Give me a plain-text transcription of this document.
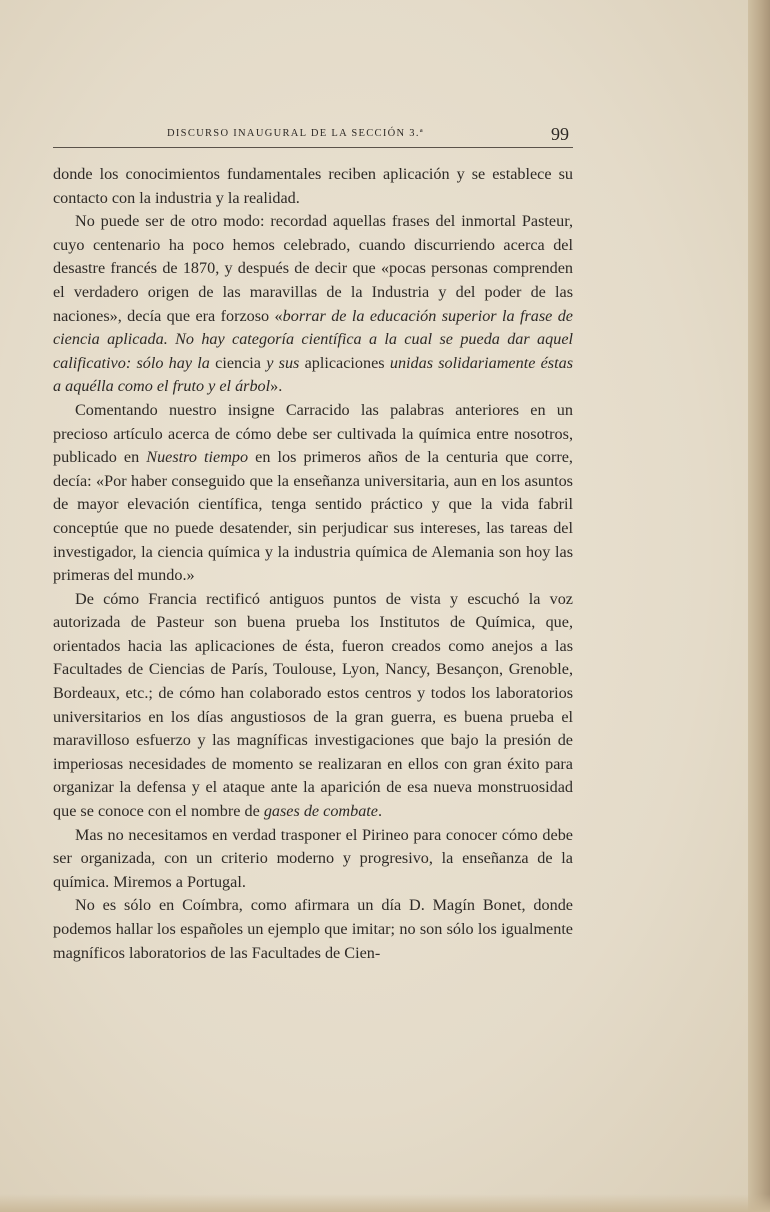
DISCURSO INAUGURAL DE LA SECCIÓN 3.ª	99

donde los conocimientos fundamentales reciben aplicación y se establece su contacto con la industria y la realidad.

No puede ser de otro modo: recordad aquellas frases del inmortal Pasteur, cuyo centenario ha poco hemos celebrado, cuando discurriendo acerca del desastre francés de 1870, y después de decir que «pocas personas comprenden el verdadero origen de las maravillas de la Industria y del poder de las naciones», decía que era forzoso «borrar de la educación superior la frase de ciencia aplicada. No hay categoría científica a la cual se pueda dar aquel calificativo: sólo hay la ciencia y sus aplicaciones unidas solidariamente éstas a aquélla como el fruto y el árbol».

Comentando nuestro insigne Carracido las palabras anteriores en un precioso artículo acerca de cómo debe ser cultivada la química entre nosotros, publicado en Nuestro tiempo en los primeros años de la centuria que corre, decía: «Por haber conseguido que la enseñanza universitaria, aun en los asuntos de mayor elevación científica, tenga sentido práctico y que la vida fabril conceptúe que no puede desatender, sin perjudicar sus intereses, las tareas del investigador, la ciencia química y la industria química de Alemania son hoy las primeras del mundo.»

De cómo Francia rectificó antiguos puntos de vista y escuchó la voz autorizada de Pasteur son buena prueba los Institutos de Química, que, orientados hacia las aplicaciones de ésta, fueron creados como anejos a las Facultades de Ciencias de París, Toulouse, Lyon, Nancy, Besançon, Grenoble, Bordeaux, etc.; de cómo han colaborado estos centros y todos los laboratorios universitarios en los días angustiosos de la gran guerra, es buena prueba el maravilloso esfuerzo y las magníficas investigaciones que bajo la presión de imperiosas necesidades de momento se realizaran en ellos con gran éxito para organizar la defensa y el ataque ante la aparición de esa nueva monstruosidad que se conoce con el nombre de gases de combate.

Mas no necesitamos en verdad trasponer el Pirineo para conocer cómo debe ser organizada, con un criterio moderno y progresivo, la enseñanza de la química. Miremos a Portugal.

No es sólo en Coímbra, como afirmara un día D. Magín Bonet, donde podemos hallar los españoles un ejemplo que imitar; no son sólo los igualmente magníficos laboratorios de las Facultades de Cien-
